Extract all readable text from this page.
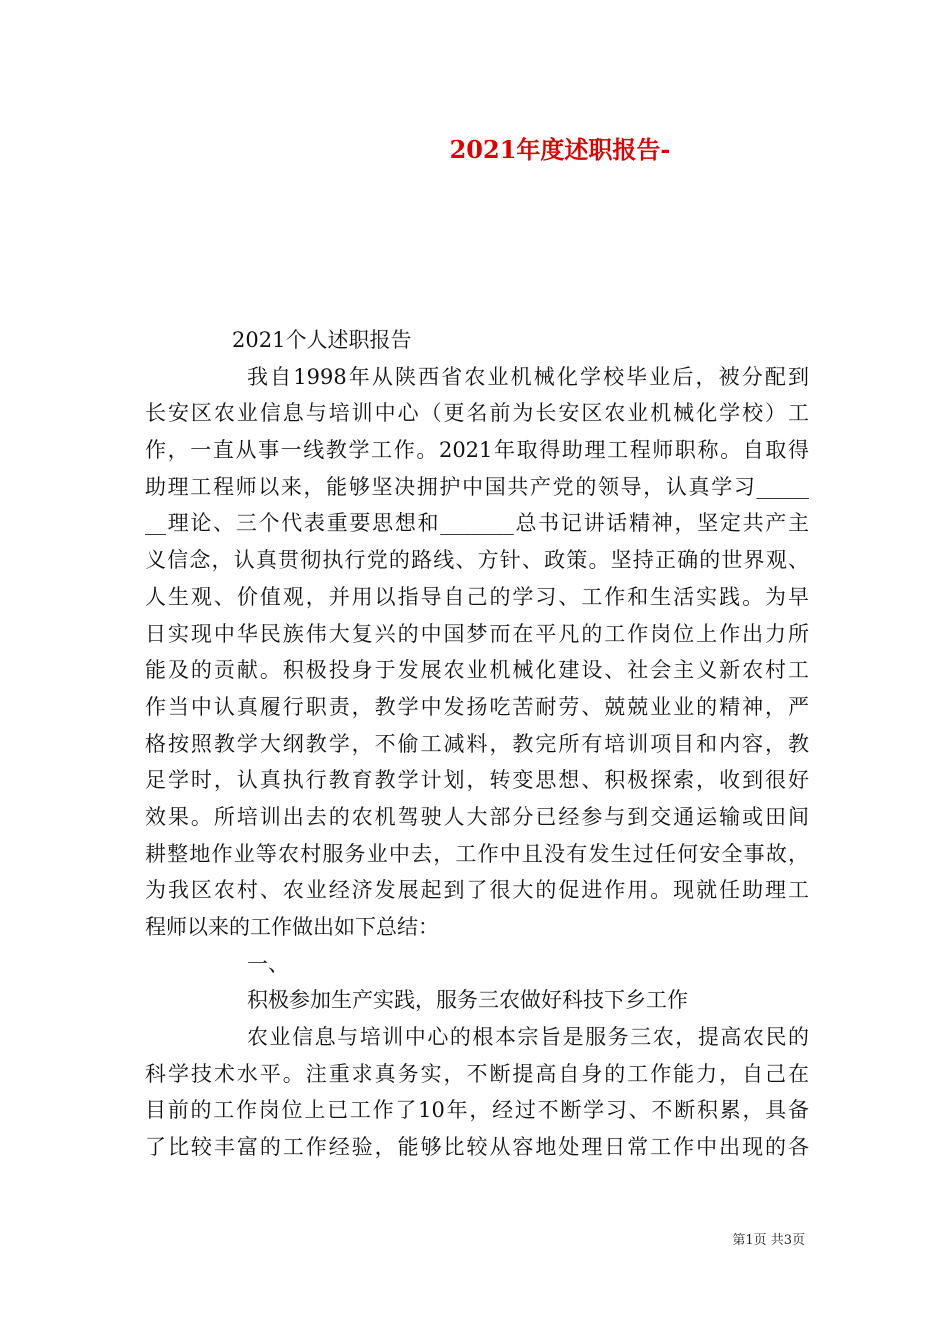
2021年度述职报告-
2021个人述职报告
我自1998年从陕西省农业机械化学校毕业后，被分配到
长安区农业信息与培训中心（更名前为长安区农业机械化学校）工
作，一直从事一线教学工作。2021年取得助理工程师职称。自取得
助理工程师以来，能够坚决拥护中国共产党的领导，认真学习_____
__理论、三个代表重要思想和_______总书记讲话精神，坚定共产主
义信念，认真贯彻执行党的路线、方针、政策。坚持正确的世界观、
人生观、价值观，并用以指导自己的学习、工作和生活实践。为早
日实现中华民族伟大复兴的中国梦而在平凡的工作岗位上作出力所
能及的贡献。积极投身于发展农业机械化建设、社会主义新农村工
作当中认真履行职责，教学中发扬吃苦耐劳、兢兢业业的精神，严
格按照教学大纲教学，不偷工减料，教完所有培训项目和内容，教
足学时，认真执行教育教学计划，转变思想、积极探索，收到很好
效果。所培训出去的农机驾驶人大部分已经参与到交通运输或田间
耕整地作业等农村服务业中去，工作中且没有发生过任何安全事故，
为我区农村、农业经济发展起到了很大的促进作用。现就任助理工
程师以来的工作做出如下总结：
一、
积极参加生产实践，服务三农做好科技下乡工作
农业信息与培训中心的根本宗旨是服务三农，提高农民的
科学技术水平。注重求真务实，不断提高自身的工作能力，自己在
目前的工作岗位上已工作了10年，经过不断学习、不断积累，具备
了比较丰富的工作经验，能够比较从容地处理日常工作中出现的各
第1页 共3页
